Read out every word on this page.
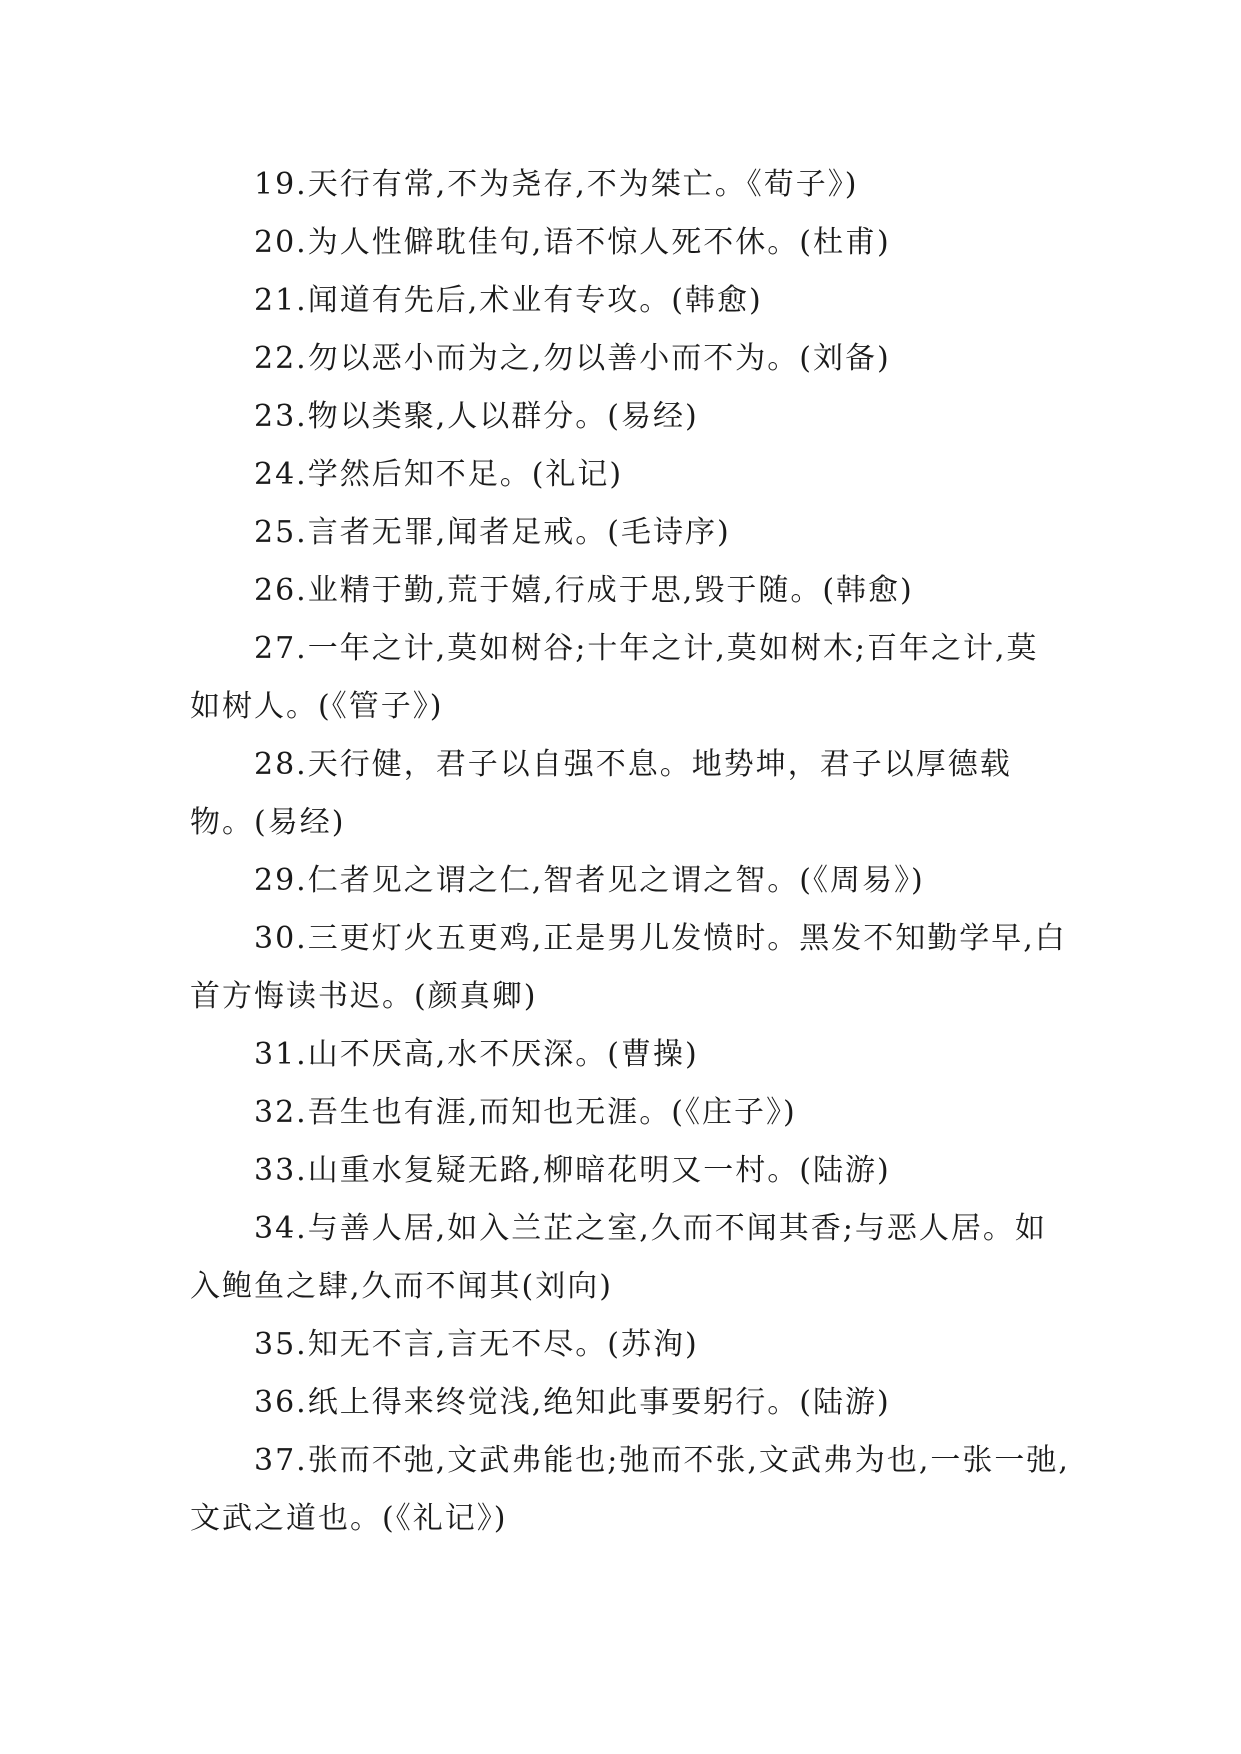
19.天行有常,不为尧存,不为桀亡。《荀子》)

20.为人性僻耽佳句,语不惊人死不休。(杜甫)

21.闻道有先后,术业有专攻。(韩愈)

22.勿以恶小而为之,勿以善小而不为。(刘备)

23.物以类聚,人以群分。(易经)

24.学然后知不足。(礼记)

25.言者无罪,闻者足戒。(毛诗序)

26.业精于勤,荒于嬉,行成于思,毁于随。(韩愈)

27.一年之计,莫如树谷;十年之计,莫如树木;百年之计,莫如树人。(《管子》)

28.天行健，君子以自强不息。地势坤，君子以厚德载物。(易经)

29.仁者见之谓之仁,智者见之谓之智。(《周易》)

30.三更灯火五更鸡,正是男儿发愤时。黑发不知勤学早,白首方悔读书迟。(颜真卿)

31.山不厌高,水不厌深。(曹操)

32.吾生也有涯,而知也无涯。(《庄子》)

33.山重水复疑无路,柳暗花明又一村。(陆游)

34.与善人居,如入兰芷之室,久而不闻其香;与恶人居。如入鲍鱼之肆,久而不闻其(刘向)

35.知无不言,言无不尽。(苏洵)

36.纸上得来终觉浅,绝知此事要躬行。(陆游)

37.张而不弛,文武弗能也;弛而不张,文武弗为也,一张一弛,文武之道也。(《礼记》)
